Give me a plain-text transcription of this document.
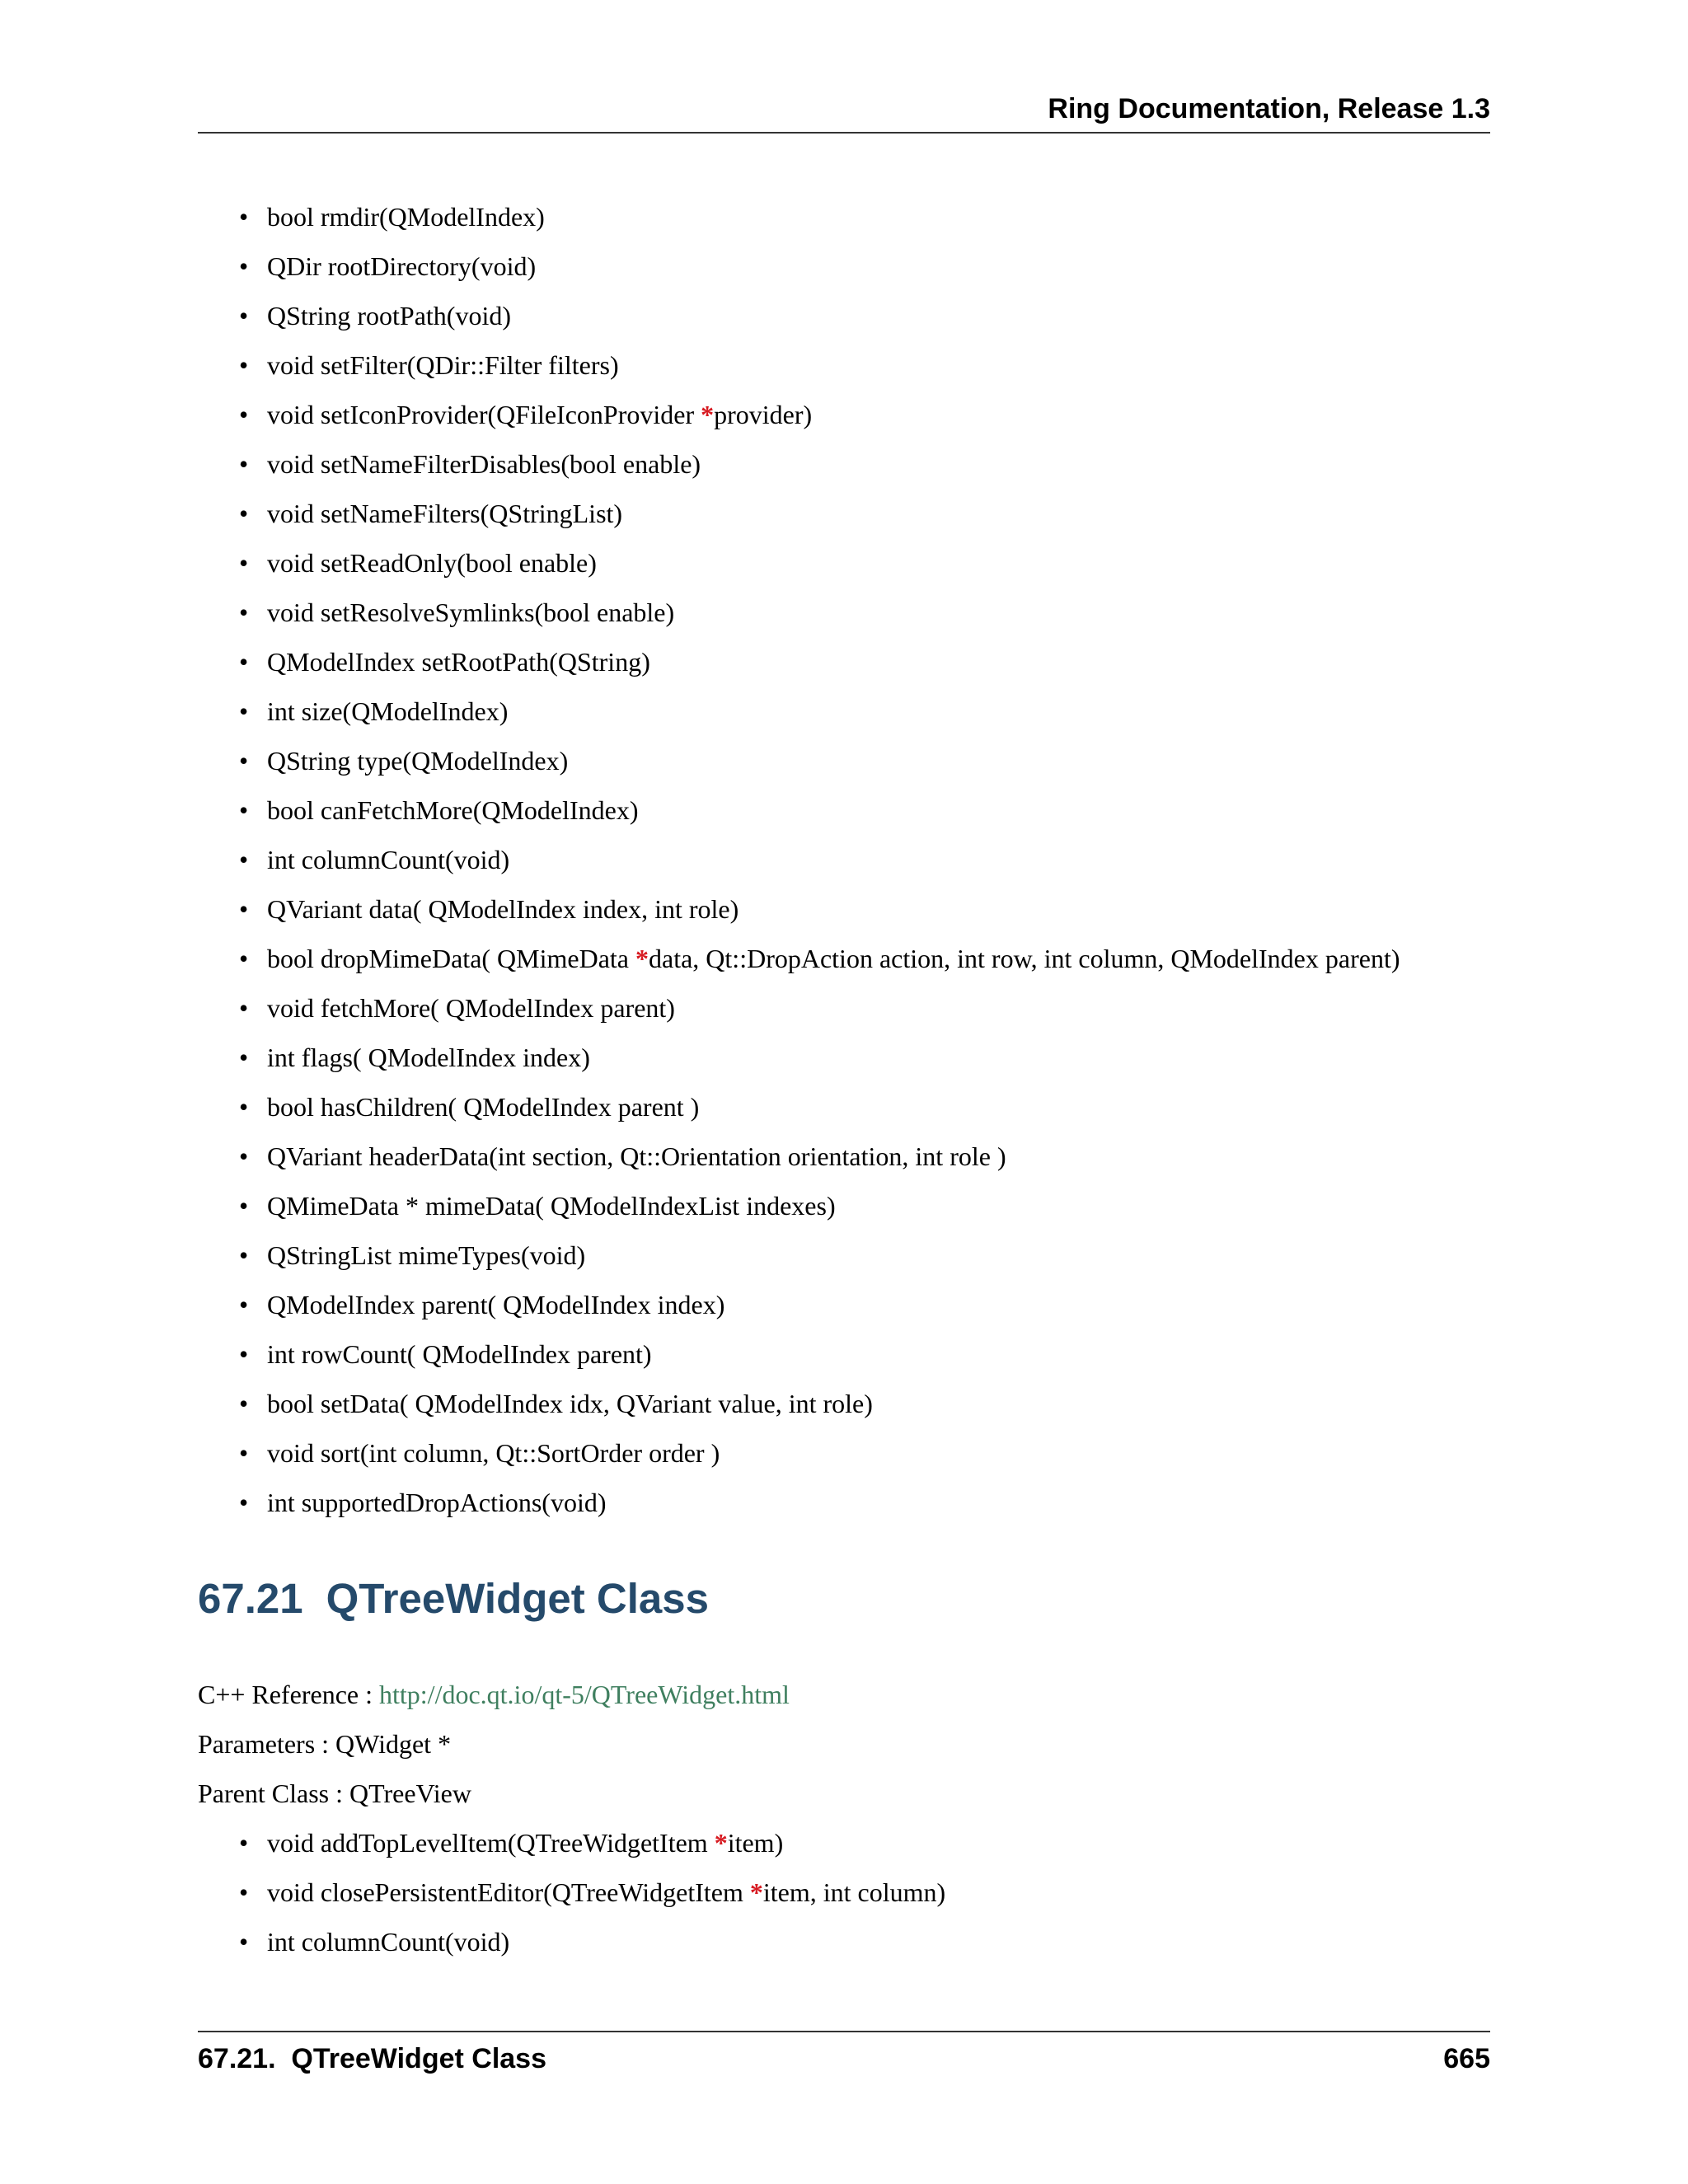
Ring Documentation, Release 1.3
• bool rmdir(QModelIndex)
• QDir rootDirectory(void)
• QString rootPath(void)
• void setFilter(QDir::Filter filters)
• void setIconProvider(QFileIconProvider *provider)
• void setNameFilterDisables(bool enable)
• void setNameFilters(QStringList)
• void setReadOnly(bool enable)
• void setResolveSymlinks(bool enable)
• QModelIndex setRootPath(QString)
• int size(QModelIndex)
• QString type(QModelIndex)
• bool canFetchMore(QModelIndex)
• int columnCount(void)
• QVariant data( QModelIndex index, int role)
• bool dropMimeData( QMimeData *data, Qt::DropAction action, int row, int column, QModelIndex parent)
• void fetchMore( QModelIndex parent)
• int flags( QModelIndex index)
• bool hasChildren( QModelIndex parent )
• QVariant headerData(int section, Qt::Orientation orientation, int role )
• QMimeData * mimeData( QModelIndexList indexes)
• QStringList mimeTypes(void)
• QModelIndex parent( QModelIndex index)
• int rowCount( QModelIndex parent)
• bool setData( QModelIndex idx, QVariant value, int role)
• void sort(int column, Qt::SortOrder order )
• int supportedDropActions(void)
67.21 QTreeWidget Class
C++ Reference : http://doc.qt.io/qt-5/QTreeWidget.html
Parameters : QWidget *
Parent Class : QTreeView
• void addTopLevelItem(QTreeWidgetItem *item)
• void closePersistentEditor(QTreeWidgetItem *item, int column)
• int columnCount(void)
67.21.  QTreeWidget Class	665
